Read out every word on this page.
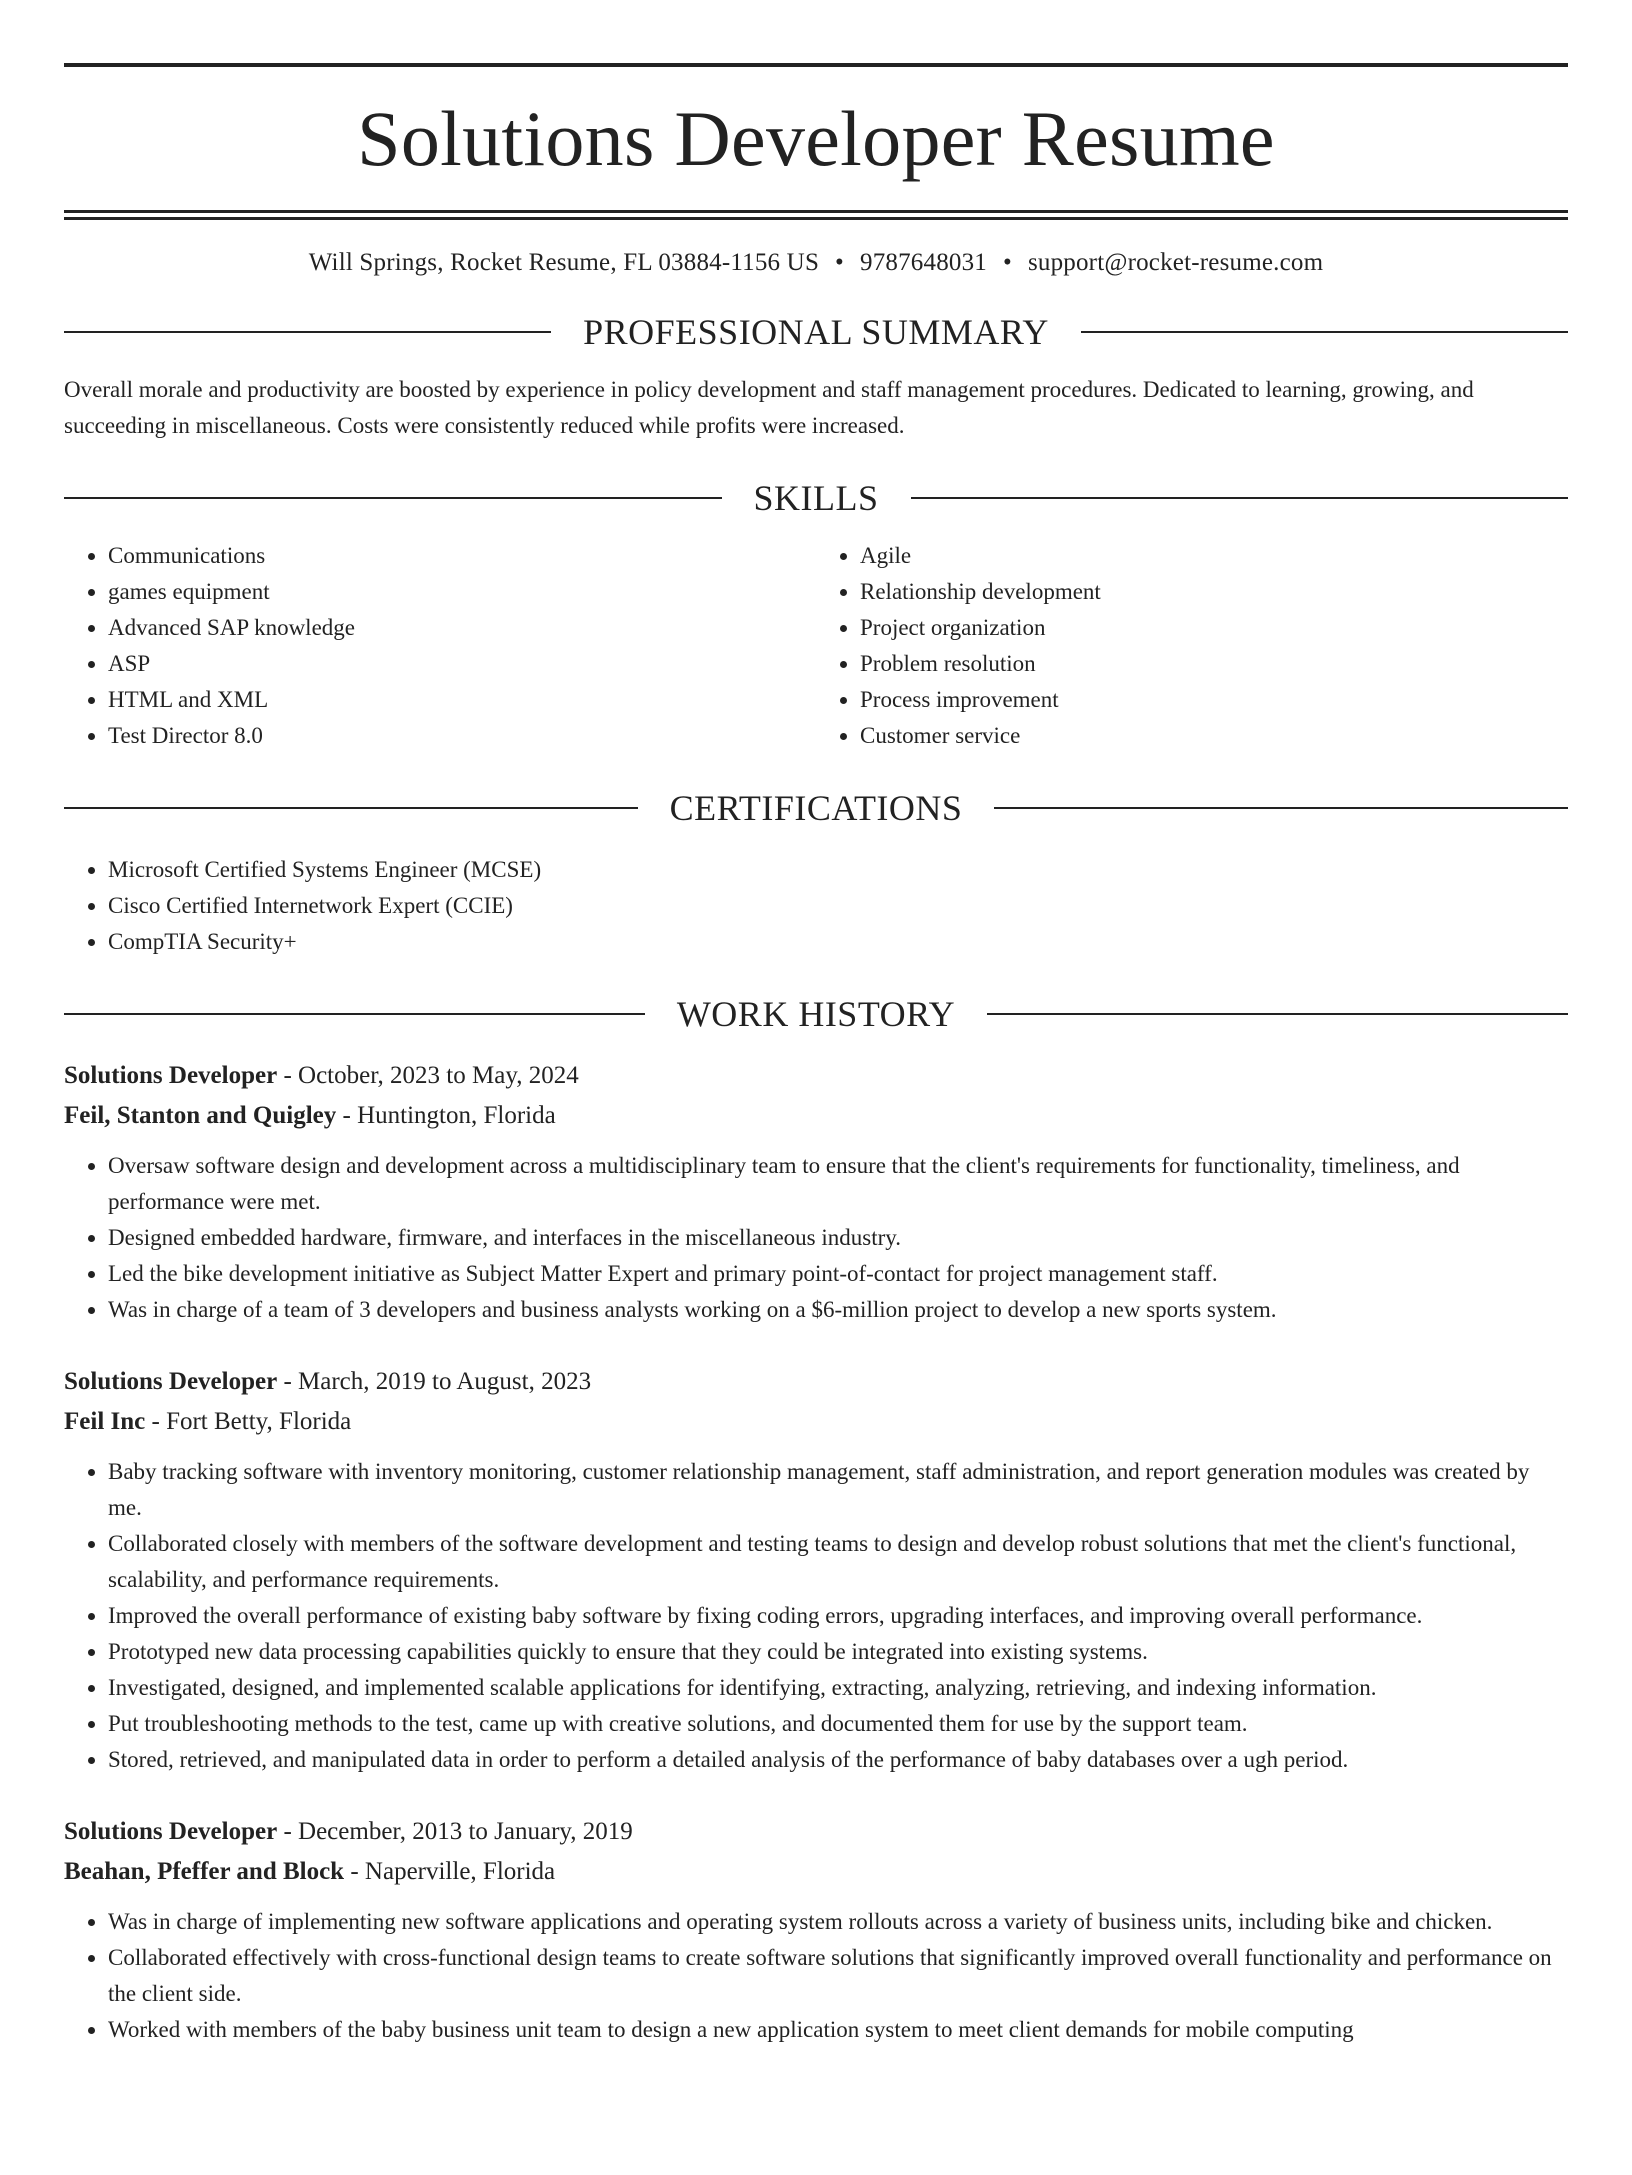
Solutions Developer Resume
Will Springs, Rocket Resume, FL 03884-1156 US • 9787648031 • support@rocket-resume.com
PROFESSIONAL SUMMARY
Overall morale and productivity are boosted by experience in policy development and staff management procedures. Dedicated to learning, growing, and succeeding in miscellaneous. Costs were consistently reduced while profits were increased.
SKILLS
• Communications
• games equipment
• Advanced SAP knowledge
• ASP
• HTML and XML
• Test Director 8.0
• Agile
• Relationship development
• Project organization
• Problem resolution
• Process improvement
• Customer service
CERTIFICATIONS
• Microsoft Certified Systems Engineer (MCSE)
• Cisco Certified Internetwork Expert (CCIE)
• CompTIA Security+
WORK HISTORY
Solutions Developer - October, 2023 to May, 2024
Feil, Stanton and Quigley - Huntington, Florida
• Oversaw software design and development across a multidisciplinary team to ensure that the client's requirements for functionality, timeliness, and performance were met.
• Designed embedded hardware, firmware, and interfaces in the miscellaneous industry.
• Led the bike development initiative as Subject Matter Expert and primary point-of-contact for project management staff.
• Was in charge of a team of 3 developers and business analysts working on a $6-million project to develop a new sports system.
Solutions Developer - March, 2019 to August, 2023
Feil Inc - Fort Betty, Florida
• Baby tracking software with inventory monitoring, customer relationship management, staff administration, and report generation modules was created by me.
• Collaborated closely with members of the software development and testing teams to design and develop robust solutions that met the client's functional, scalability, and performance requirements.
• Improved the overall performance of existing baby software by fixing coding errors, upgrading interfaces, and improving overall performance.
• Prototyped new data processing capabilities quickly to ensure that they could be integrated into existing systems.
• Investigated, designed, and implemented scalable applications for identifying, extracting, analyzing, retrieving, and indexing information.
• Put troubleshooting methods to the test, came up with creative solutions, and documented them for use by the support team.
• Stored, retrieved, and manipulated data in order to perform a detailed analysis of the performance of baby databases over a ugh period.
Solutions Developer - December, 2013 to January, 2019
Beahan, Pfeffer and Block - Naperville, Florida
• Was in charge of implementing new software applications and operating system rollouts across a variety of business units, including bike and chicken.
• Collaborated effectively with cross-functional design teams to create software solutions that significantly improved overall functionality and performance on the client side.
• Worked with members of the baby business unit team to design a new application system to meet client demands for mobile computing
